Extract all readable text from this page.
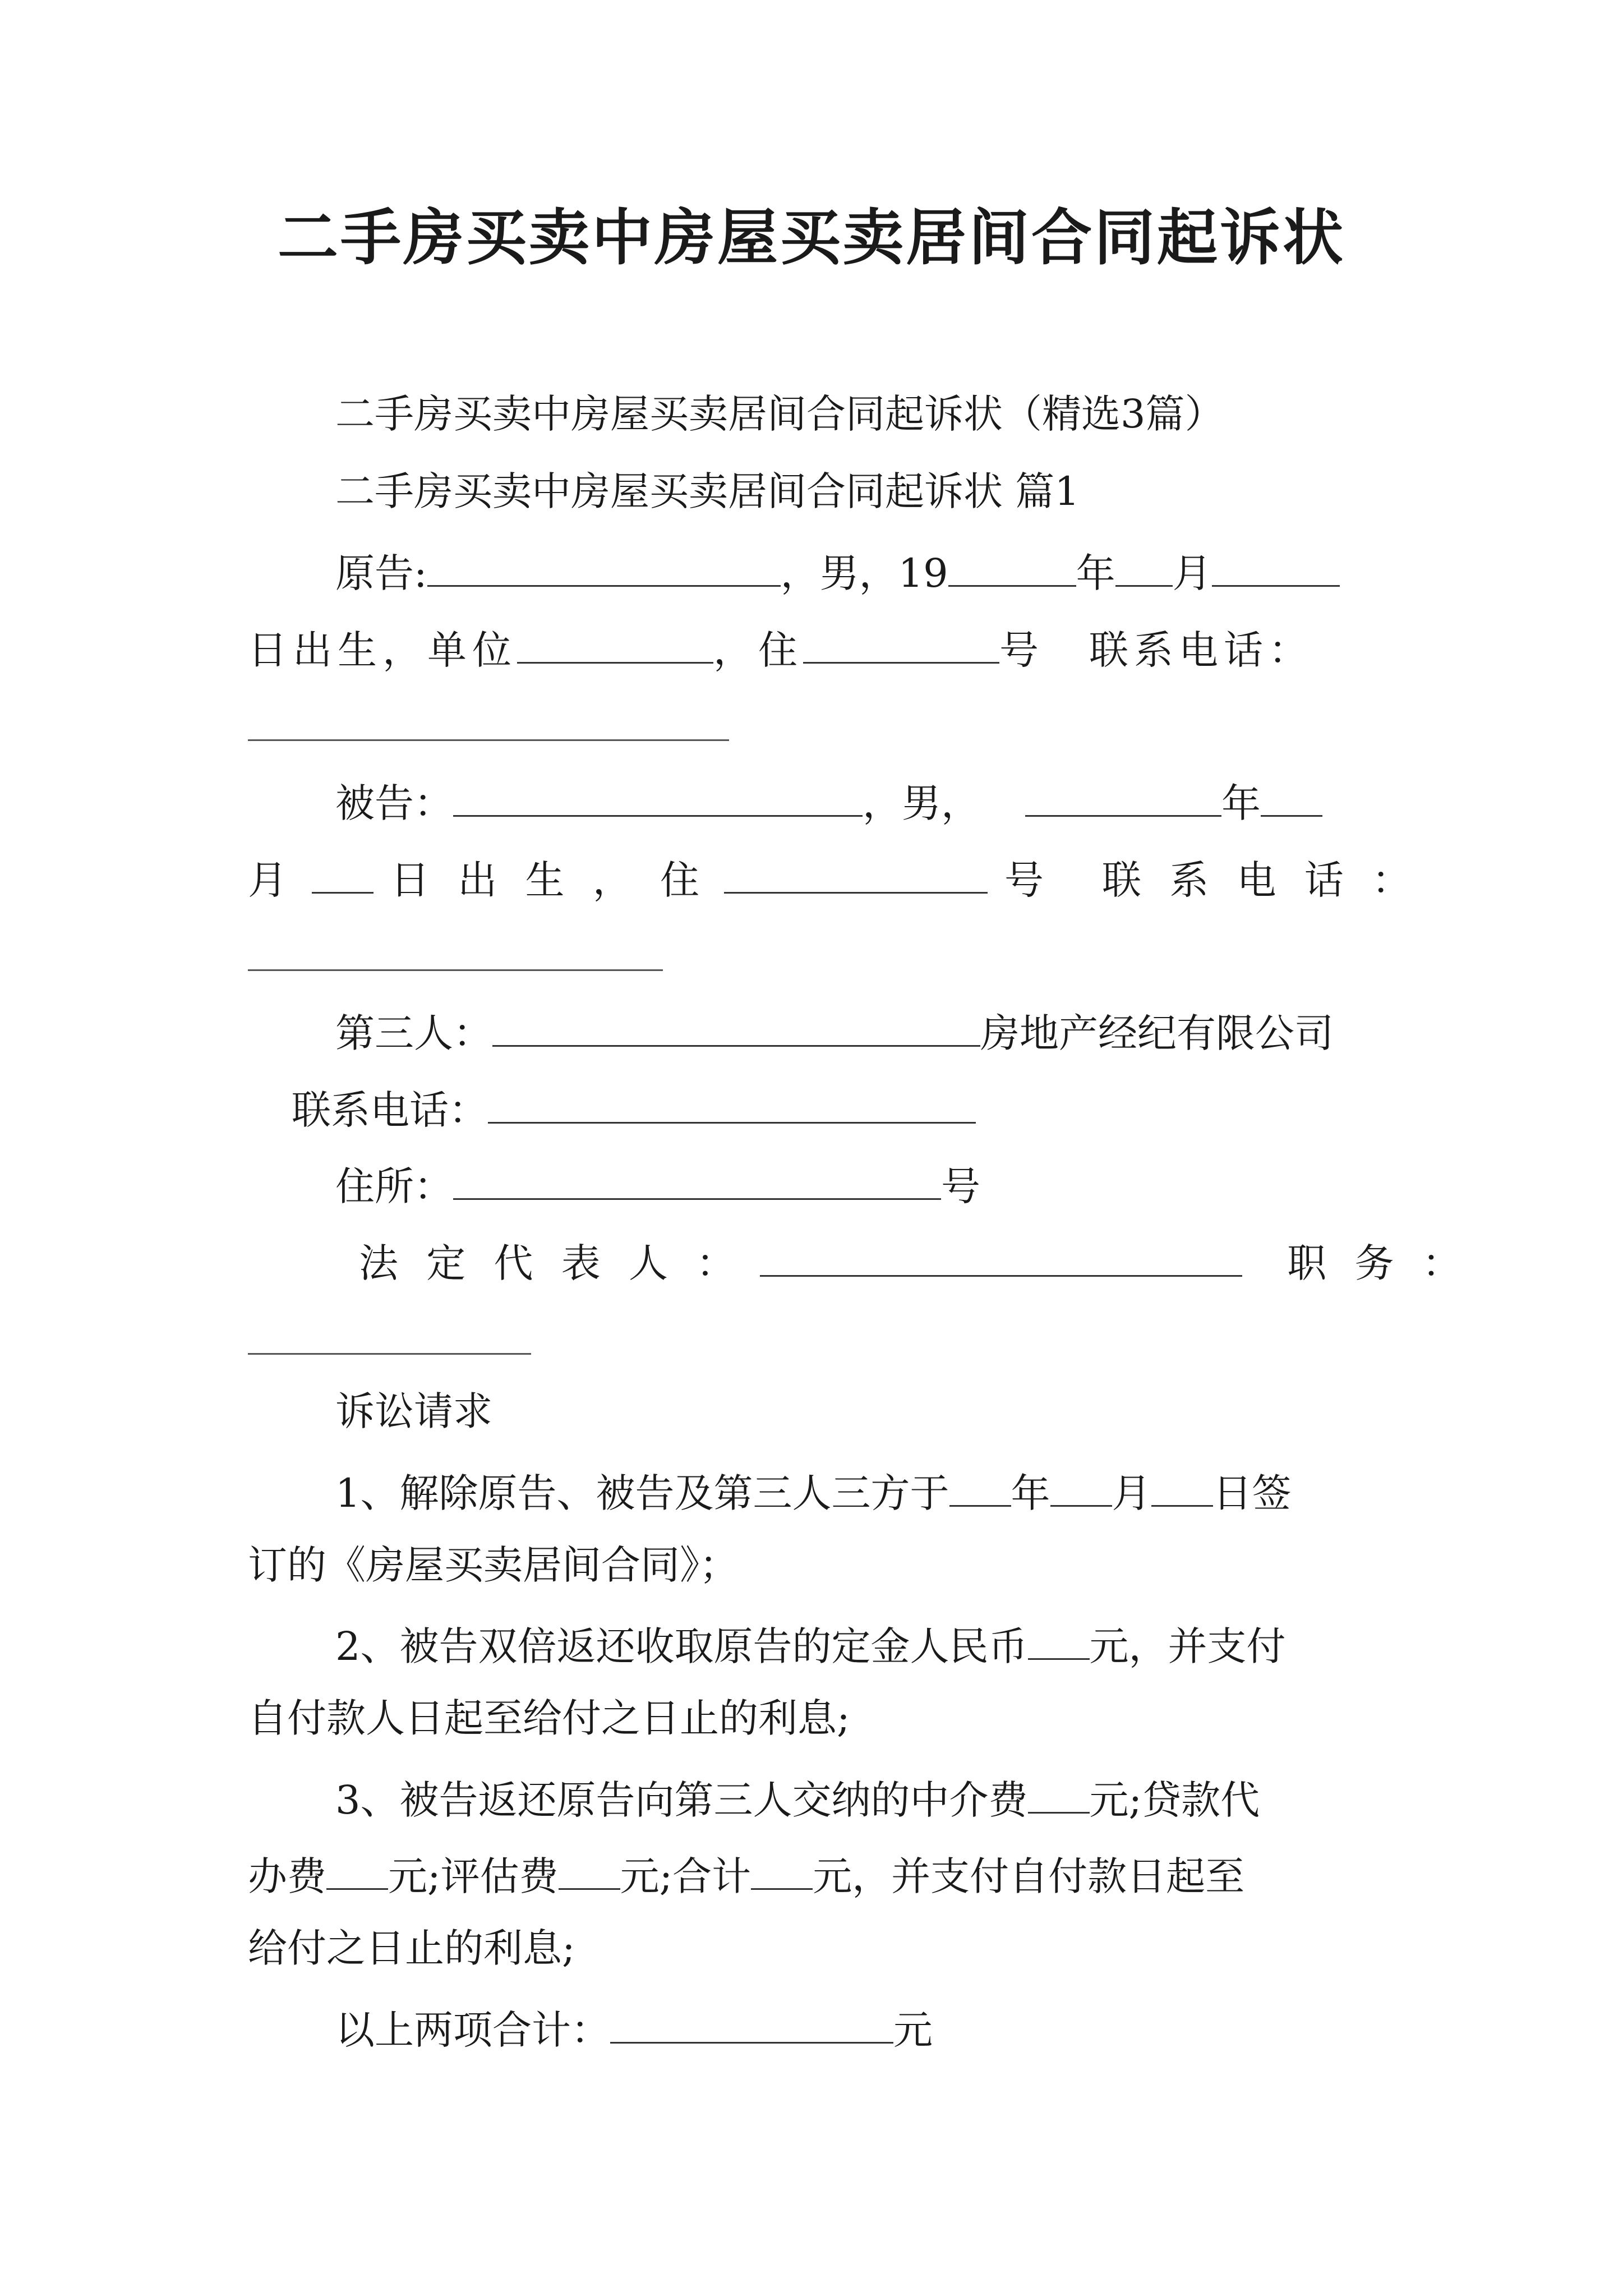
二手房买卖中房屋买卖居间合同起诉状

二手房买卖中房屋买卖居间合同起诉状（精选3篇）

二手房买卖中房屋买卖居间合同起诉状 篇1

原告:	，男，19	年 月

日出生，单位	，住	号 联系电话：

被告：	，男，	年

月 日 出 生 ， 住	号 联 系 电 话 ：

第三人：	房地产经纪有限公司

联系电话：

住所：	号

法 定 代 表 人 ：	职 务 ：

诉讼请求

1、解除原告、被告及第三人三方于 年 月 日签

订的《房屋买卖居间合同》；

2、被告双倍返还收取原告的定金人民币 元，并支付

自付款人日起至给付之日止的利息;

3、被告返还原告向第三人交纳的中介费 元;贷款代

办费 元;评估费 元;合计 元，并支付自付款日起至

给付之日止的利息;

以上两项合计：	元
